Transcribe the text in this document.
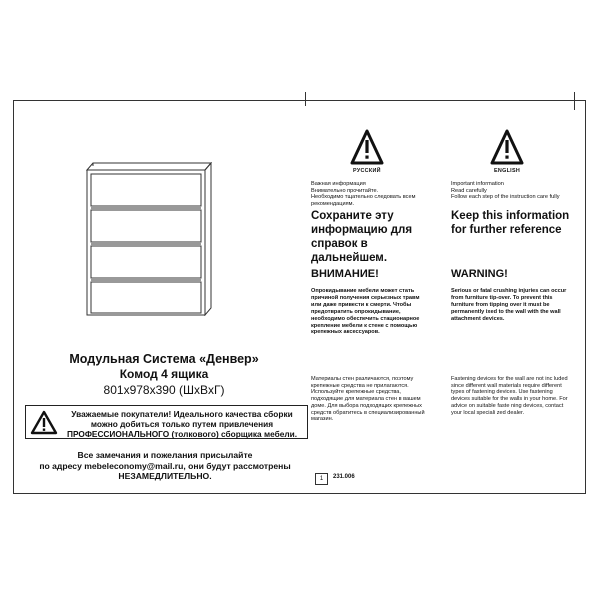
Модульная Система «Денвер»
Комод 4 ящика
801x978x390 (ШxВxГ)
Уважаемые покупатели! Идеального качества сборки можно добиться только путем привлечения ПРОФЕССИОНАЛЬНОГО (толкового) сборщика мебели.
Все замечания и пожелания присылайте
по адресу mebeleconomy@mail.ru, они будут рассмотрены
НЕЗАМЕДЛИТЕЛЬНО.
РУССКИЙ
Важная информация
Внимательно прочитайте.
Необходимо тщательно следовать всем рекомендациям.
Сохраните эту информацию для справок в дальнейшем.
ВНИМАНИЕ!
Опрокидывание мебели может стать причиной получения серьезных травм или даже привести к смерти. Чтобы предотвратить опрокидывание, необходимо обеспечить стационарное крепление мебели к стене с помощью крепежных аксессуаров.
Материалы стен различаются, поэтому крепежные средства не прилагаются. Используйте крепежные средства, подходящие для материала стен в вашем доме. Для выбора подходящих крепежных средств обратитесь в специализированный магазин.
ENGLISH
Important information
Read carefully
Follow each step of the instruction care fully
Keep this information for further reference
WARNING!
Serious or fatal crushing injuries can occur from furniture tip-over. To prevent this furniture from tipping over it must be permanently ixed to the wall with the wall attachment devices.
Fastening devices for the wall are not inc luded since different wall materials require different types of fastening devices. Use fastening devices suitable for the walls in your home. For advice on suitable faste ning devices, contact your local speciali zed dealer.
1	231.006
